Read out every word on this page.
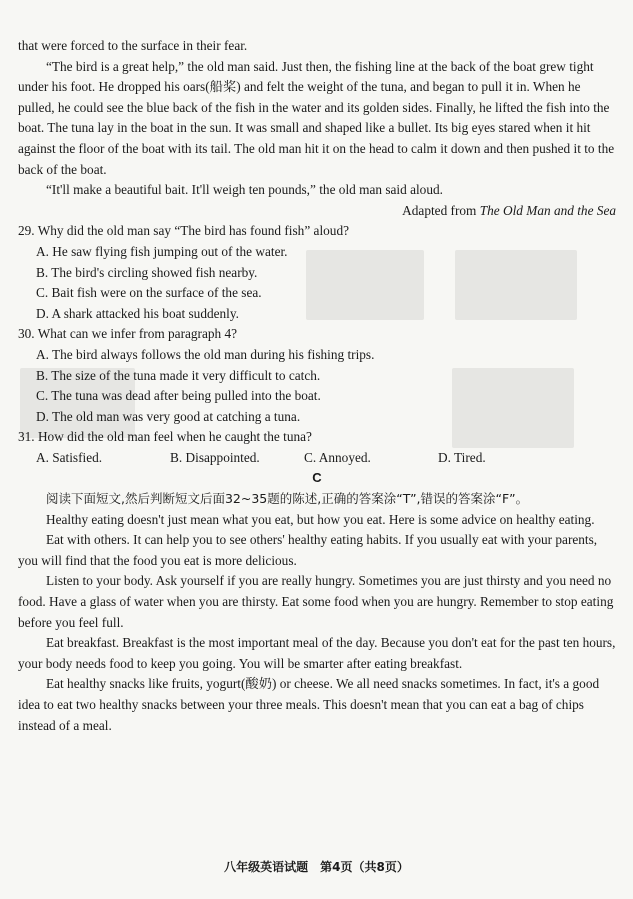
that were forced to the surface in their fear.

“The bird is a great help,” the old man said. Just then, the fishing line at the back of the boat grew tight under his foot. He dropped his oars(船桨) and felt the weight of the tuna, and began to pull it in. When he pulled, he could see the blue back of the fish in the water and its golden sides. Finally, he lifted the fish into the boat. The tuna lay in the boat in the sun. It was small and shaped like a bullet. Its big eyes stared when it hit against the floor of the boat with its tail. The old man hit it on the head to calm it down and then pushed it to the back of the boat.

“It'll make a beautiful bait. It'll weigh ten pounds,” the old man said aloud.

Adapted from The Old Man and the Sea

29. Why did the old man say “The bird has found fish” aloud?

A. He saw flying fish jumping out of the water.

B. The bird's circling showed fish nearby.

C. Bait fish were on the surface of the sea.

D. A shark attacked his boat suddenly.

30. What can we infer from paragraph 4?

A. The bird always follows the old man during his fishing trips.

B. The size of the tuna made it very difficult to catch.

C. The tuna was dead after being pulled into the boat.

D. The old man was very good at catching a tuna.

31. How did the old man feel when he caught the tuna?

A. Satisfied.	B. Disappointed.	C. Annoyed.	D. Tired.

C

阅读下面短文,然后判断短文后面32~35题的陈述,正确的答案涂“T”,错误的答案涂“F”。

Healthy eating doesn't just mean what you eat, but how you eat. Here is some advice on healthy eating.

Eat with others. It can help you to see others' healthy eating habits. If you usually eat with your parents, you will find that the food you eat is more delicious.

Listen to your body. Ask yourself if you are really hungry. Sometimes you are just thirsty and you need no food. Have a glass of water when you are thirsty. Eat some food when you are hungry. Remember to stop eating before you feel full.

Eat breakfast. Breakfast is the most important meal of the day. Because you don't eat for the past ten hours, your body needs food to keep you going. You will be smarter after eating breakfast.

Eat healthy snacks like fruits, yogurt(酸奶) or cheese. We all need snacks sometimes. In fact, it's a good idea to eat two healthy snacks between your three meals. This doesn't mean that you can eat a bag of chips instead of a meal.

八年级英语试题　第4页（共8页）
